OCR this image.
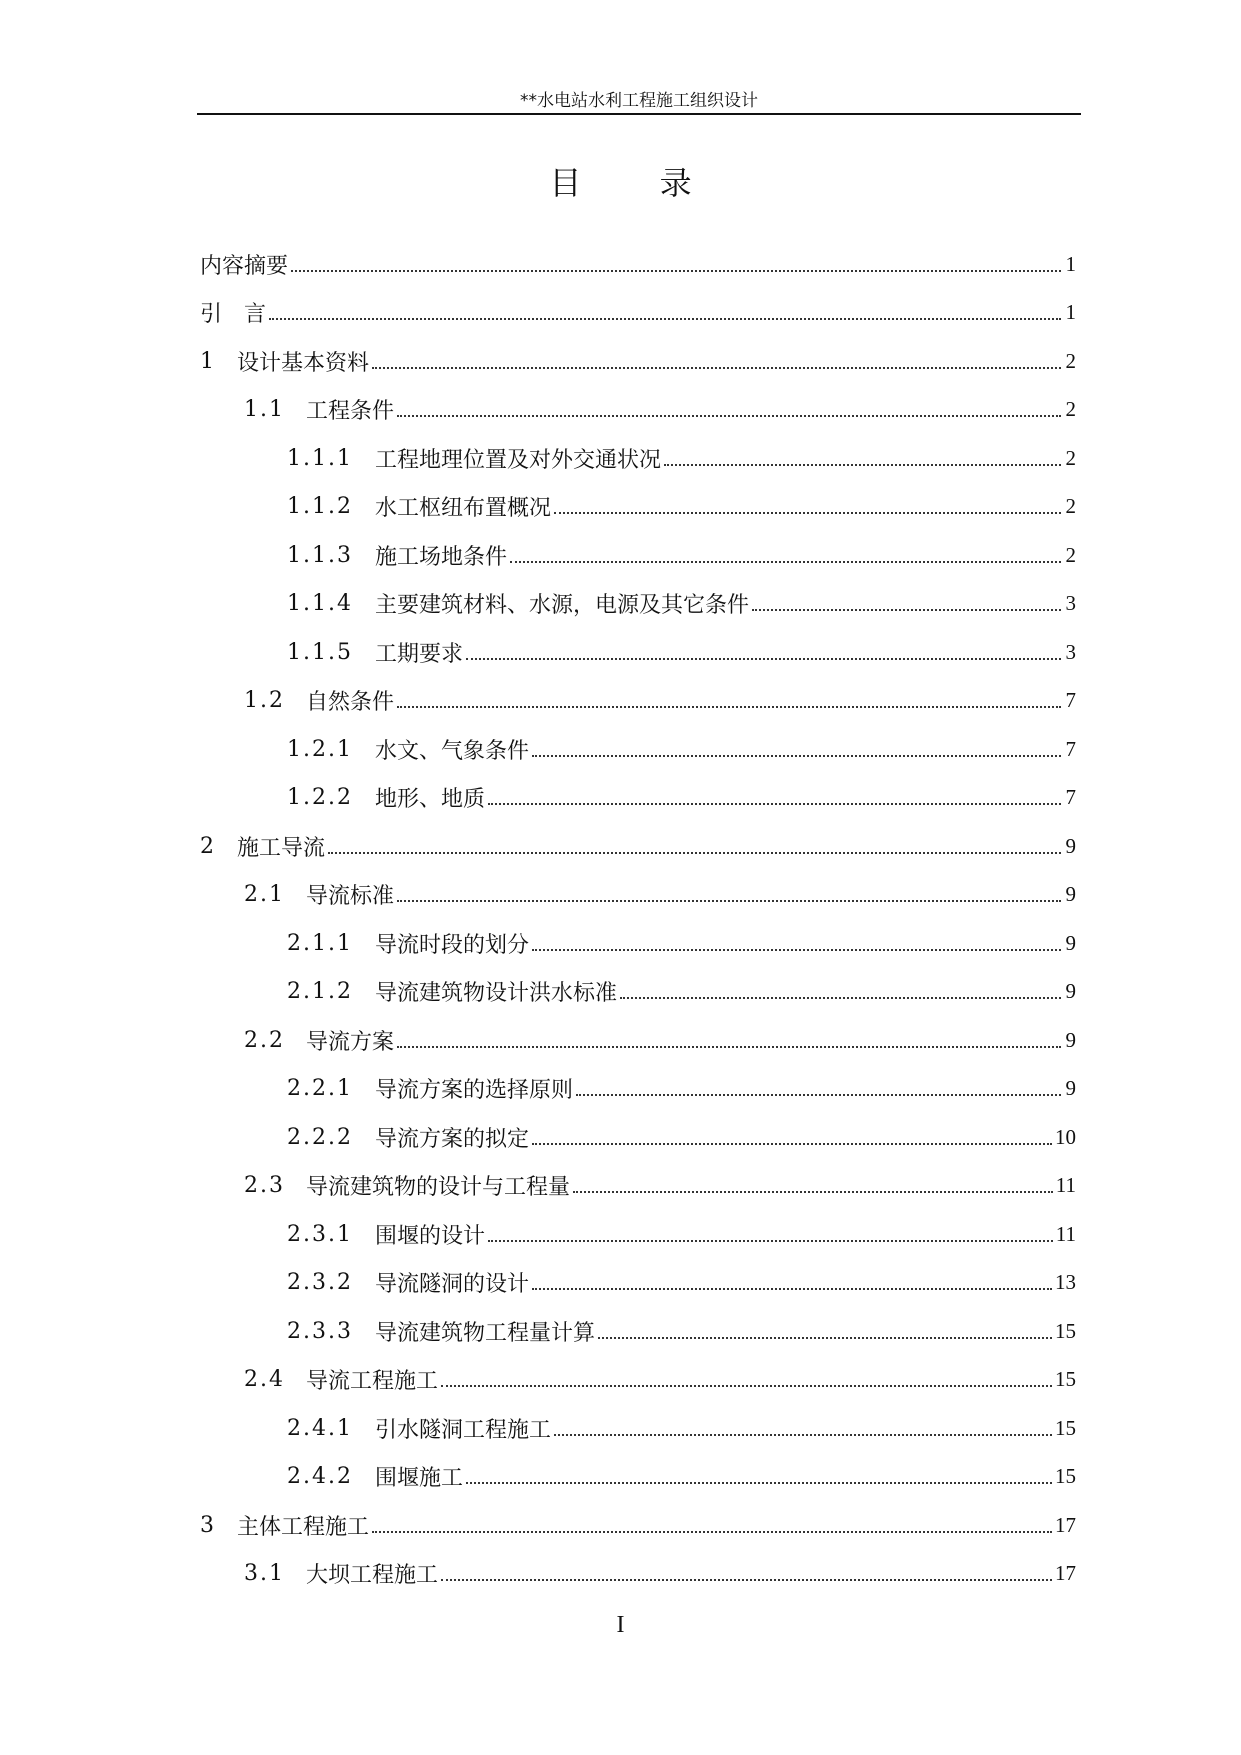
**水电站水利工程施工组织设计
目 录
内容摘要	1
引　言	1
1 设计基本资料	2
1.1 工程条件	2
1.1.1	工程地理位置及对外交通状况	2
1.1.2	水工枢纽布置概况	2
1.1.3	施工场地条件	2
1.1.4	主要建筑材料、水源，电源及其它条件	3
1.1.5	工期要求	3
1.2 自然条件	7
1.2.1	水文、气象条件	7
1.2.2	地形、地质	7
2 施工导流	9
2.1 导流标准	9
2.1.1	导流时段的划分	9
2.1.2	导流建筑物设计洪水标准	9
2.2 导流方案	9
2.2.1	导流方案的选择原则	9
2.2.2	导流方案的拟定	10
2.3 导流建筑物的设计与工程量	11
2.3.1	围堰的设计	11
2.3.2	导流隧洞的设计	13
2.3.3	导流建筑物工程量计算	15
2.4 导流工程施工	15
2.4.1	引水隧洞工程施工	15
2.4.2	围堰施工	15
3 主体工程施工	17
3.1 大坝工程施工	17
I
